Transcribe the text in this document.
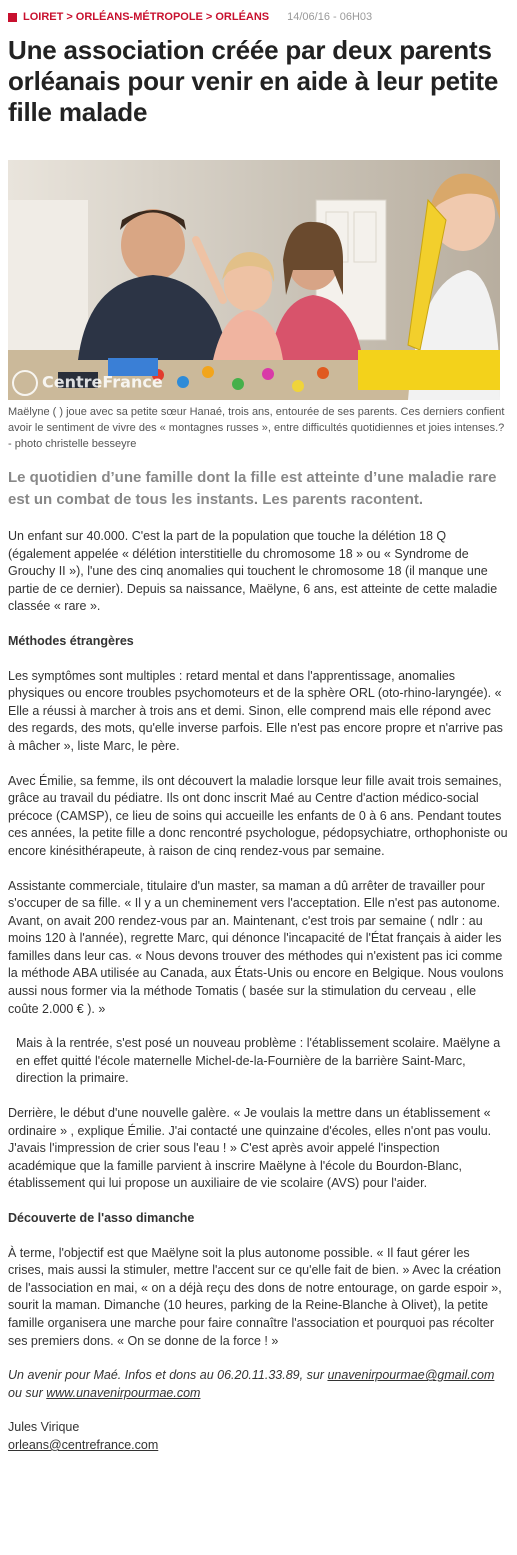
LOIRET > ORLÉANS-MÉTROPOLE > ORLÉANS 14/06/16 - 06H03
Une association créée par deux parents orléanais pour venir en aide à leur petite fille malade
CentreFrance
Maëlyne ( ) joue avec sa petite sœur Hanaé, trois ans, entourée de ses parents. Ces derniers confient avoir le sentiment de vivre des « montagnes russes », entre difficultés quotidiennes et joies intenses.? - photo christelle besseyre
Le quotidien d’une famille dont la fille est atteinte d’une maladie rare est un combat de tous les instants. Les parents racontent.

Un enfant sur 40.000. C'est la part de la population que touche la délétion 18 Q (également appelée « délétion interstitielle du chromosome 18 » ou « Syndrome de Grouchy II »), l'une des cinq anomalies qui touchent le chromosome 18 (il manque une partie de ce dernier). Depuis sa naissance, Maëlyne, 6 ans, est atteinte de cette maladie classée « rare ».

Méthodes étrangères

Les symptômes sont multiples : retard mental et dans l'apprentissage, anomalies physiques ou encore troubles psychomoteurs et de la sphère ORL (oto-rhino-laryngée). « Elle a réussi à marcher à trois ans et demi. Sinon, elle comprend mais elle répond avec des regards, des mots, qu'elle inverse parfois. Elle n'est pas encore propre et n'arrive pas à mâcher », liste Marc, le père.

Avec Émilie, sa femme, ils ont découvert la maladie lorsque leur fille avait trois semaines, grâce au travail du pédiatre. Ils ont donc inscrit Maé au Centre d'action médico-social précoce (CAMSP), ce lieu de soins qui accueille les enfants de 0 à 6 ans. Pendant toutes ces années, la petite fille a donc rencontré psychologue, pédopsychiatre, orthophoniste ou encore kinésithérapeute, à raison de cinq rendez-vous par semaine.

Assistante commerciale, titulaire d'un master, sa maman a dû arrêter de travailler pour s'occuper de sa fille. « Il y a un cheminement vers l'acceptation. Elle n'est pas autonome. Avant, on avait 200 rendez-vous par an. Maintenant, c'est trois par semaine ( ndlr : au moins 120 à l'année), regrette Marc, qui dénonce l'incapacité de l'État français à aider les familles dans leur cas. « Nous devons trouver des méthodes qui n'existent pas ici comme la méthode ABA utilisée au Canada, aux États-Unis ou encore en Belgique. Nous voulons aussi nous former via la méthode Tomatis ( basée sur la stimulation du cerveau , elle coûte 2.000 € ). »

Mais à la rentrée, s'est posé un nouveau problème : l'établissement scolaire. Maëlyne a en effet quitté l'école maternelle Michel-de-la-Fournière de la barrière Saint-Marc, direction la primaire.

Derrière, le début d'une nouvelle galère. « Je voulais la mettre dans un établissement « ordinaire » , explique Émilie. J'ai contacté une quinzaine d'écoles, elles n'ont pas voulu. J'avais l'impression de crier sous l'eau ! » C'est après avoir appelé l'inspection académique que la famille parvient à inscrire Maëlyne à l'école du Bourdon-Blanc, établissement qui lui propose un auxiliaire de vie scolaire (AVS) pour l'aider.

Découverte de l'asso dimanche

À terme, l'objectif est que Maëlyne soit la plus autonome possible. « Il faut gérer les crises, mais aussi la stimuler, mettre l'accent sur ce qu'elle fait de bien. » Avec la création de l'association en mai, « on a déjà reçu des dons de notre entourage, on garde espoir », sourit la maman. Dimanche (10 heures, parking de la Reine-Blanche à Olivet), la petite famille organisera une marche pour faire connaître l'association et pourquoi pas récolter ses premiers dons. « On se donne de la force ! »

Un avenir pour Maé. Infos et dons au 06.20.11.33.89, sur unavenirpourmae@gmail.com ou sur www.unavenirpourmae.com

Jules Virique
orleans@centrefrance.com
